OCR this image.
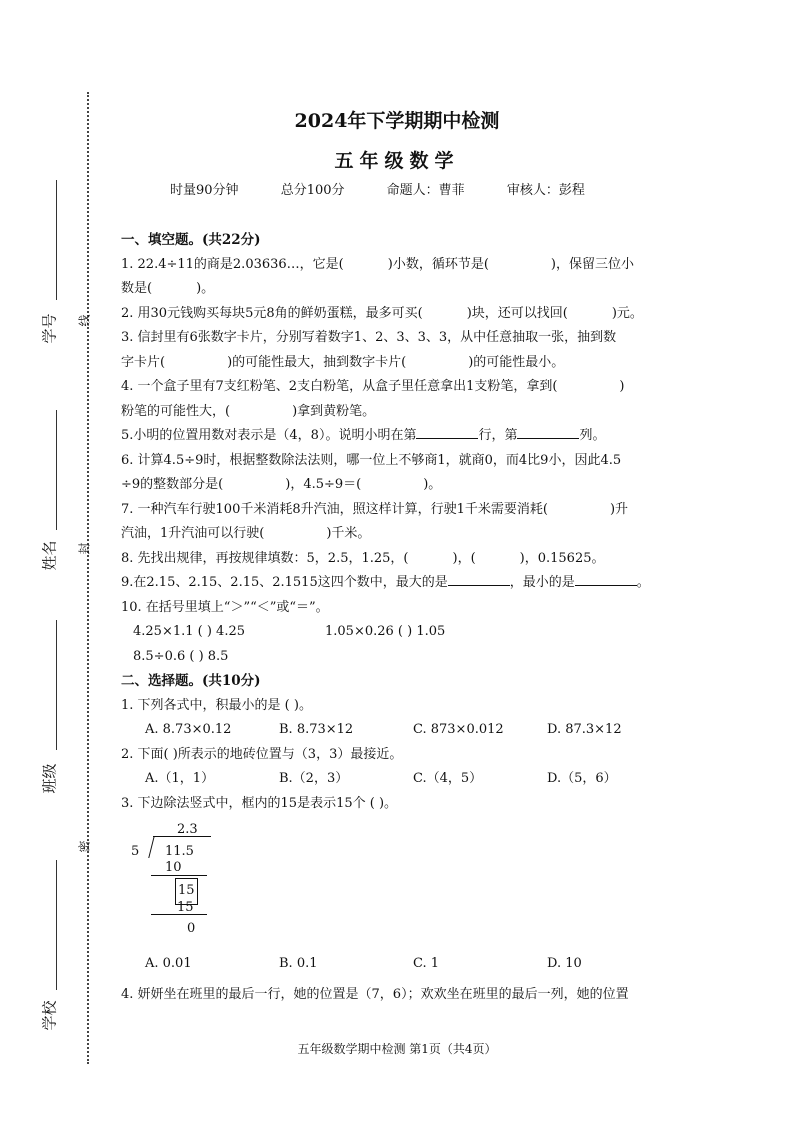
学号
姓名
班级
学校
线
封
密
2024年下学期期中检测
五年级数学
时量90分钟	总分100分	命题人：曹菲	审核人：彭程

一、填空题。(共22分)

1. 22.4÷11的商是2.03636…，它是(	)小数，循环节是(	)，保留三位小
数是(	)。

2. 用30元钱购买每块5元8角的鲜奶蛋糕，最多可买(	)块，还可以找回(	)元。

3. 信封里有6张数字卡片，分别写着数字1、2、3、3、3，从中任意抽取一张，抽到数
字卡片(	)的可能性最大，抽到数字卡片(	)的可能性最小。

4. 一个盒子里有7支红粉笔、2支白粉笔，从盒子里任意拿出1支粉笔，拿到(	)
粉笔的可能性大，(	)拿到黄粉笔。

5.小明的位置用数对表示是（4，8）。说明小明在第	行，第	列。

6. 计算4.5÷9时，根据整数除法法则，哪一位上不够商1，就商0，而4比9小，因此4.5
÷9的整数部分是(	)，4.5÷9＝(	)。

7. 一种汽车行驶100千米消耗8升汽油，照这样计算，行驶1千米需要消耗(	)升
汽油，1升汽油可以行驶(	)千米。

8. 先找出规律，再按规律填数：5，2.5，1.25，(	)，(	)，0.15625。

9.在2.15、2.15、2.15、2.1515这四个数中，最大的是	，最小的是	。

10. 在括号里填上“＞”“＜”或“＝”。

4.25×1.1 ( ) 4.25	1.05×0.26 ( ) 1.05
8.5÷0.6 ( ) 8.5

二、选择题。(共10分)

1. 下列各式中，积最小的是 ( )。

A. 8.73×0.12	B. 8.73×12	C. 873×0.012	D. 87.3×12

2. 下面( )所表示的地砖位置与（3，3）最接近。

A.（1，1）	B.（2，3）	C.（4，5）	D.（5，6）

3. 下边除法竖式中，框内的15是表示15个 ( )。

2.3
5 11.5
10
15
15
0
A. 0.01	B. 0.1	C. 1	D. 10

4. 妍妍坐在班里的最后一行，她的位置是（7，6）；欢欢坐在班里的最后一列，她的位置

五年级数学期中检测 第1页（共4页）
